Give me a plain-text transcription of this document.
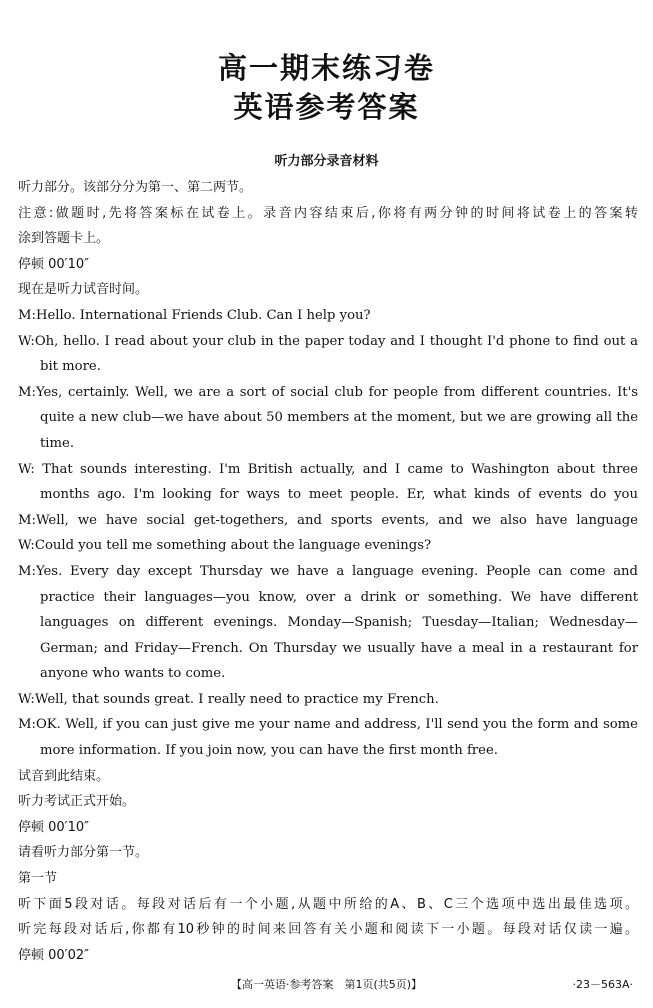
高一期末练习卷
英语参考答案
听力部分录音材料
听力部分。该部分分为第一、第二两节。
注意:做题时,先将答案标在试卷上。录音内容结束后,你将有两分钟的时间将试卷上的答案转
涂到答题卡上。
停顿 00′10″
现在是听力试音时间。
M:Hello. International Friends Club. Can I help you?
W:Oh, hello. I read about your club in the paper today and I thought I'd phone to find out a
bit more.
M:Yes, certainly. Well, we are a sort of social club for people from different countries. It's
quite a new club—we have about 50 members at the moment, but we are growing all the
time.
W: That sounds interesting. I'm British actually, and I came to Washington about three
months ago. I'm looking for ways to meet people. Er, what kinds of events do you
M:Well, we have social get-togethers, and sports events, and we also have language
W:Could you tell me something about the language evenings?
M:Yes. Every day except Thursday we have a language evening. People can come and
practice their languages—you know, over a drink or something. We have different
languages on different evenings. Monday—Spanish; Tuesday—Italian; Wednesday—
German; and Friday—French. On Thursday we usually have a meal in a restaurant for
anyone who wants to come.
W:Well, that sounds great. I really need to practice my French.
M:OK. Well, if you can just give me your name and address, I'll send you the form and some
more information. If you join now, you can have the first month free.
试音到此结束。
听力考试正式开始。
停顿 00′10″
请看听力部分第一节。
第一节
听下面5段对话。每段对话后有一个小题,从题中所给的A、B、C三个选项中选出最佳选项。
听完每段对话后,你都有10秒钟的时间来回答有关小题和阅读下一小题。每段对话仅读一遍。
停顿 00′02″
【高一英语·参考答案　第1页(共5页)】	·23－563A·
